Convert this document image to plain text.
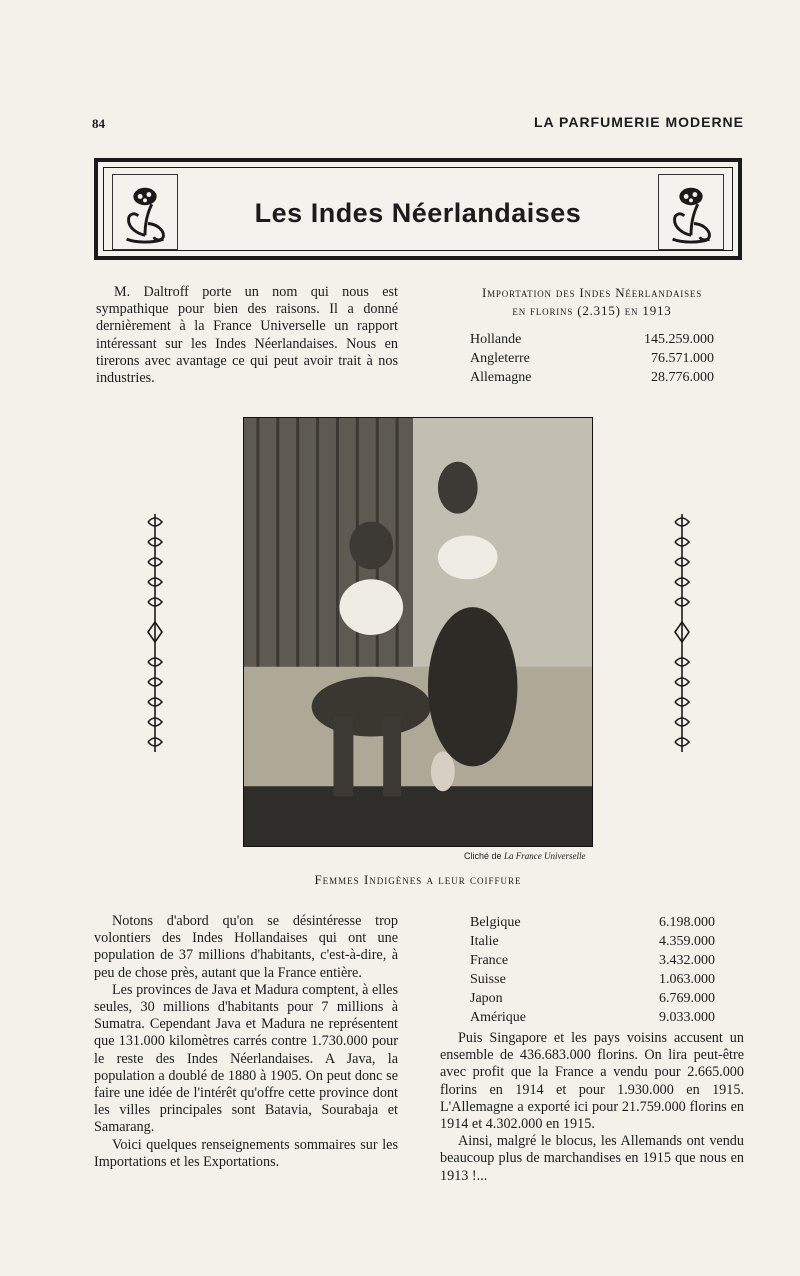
84	LA PARFUMERIE MODERNE
Les Indes Néerlandaises

M. Daltroff porte un nom qui nous est sympathique pour bien des raisons. Il a donné dernièrement à la France Universelle un rapport intéressant sur les Indes Néerlandaises. Nous en tirerons avec avantage ce qui peut avoir trait à nos industries.

Importation des Indes Néerlandaises
en florins (2.315) en 1913
Hollande	145.259.000
Angleterre	76.571.000
Allemagne	28.776.000
Cliché de La France Universelle
Femmes Indigènes a leur coiffure

Notons d'abord qu'on se désintéresse trop volontiers des Indes Hollandaises qui ont une population de 37 millions d'habitants, c'est-à-dire, à peu de chose près, autant que la France entière.

Les provinces de Java et Madura comptent, à elles seules, 30 millions d'habitants pour 7 millions à Sumatra. Cependant Java et Madura ne représentent que 131.000 kilomètres carrés contre 1.730.000 pour le reste des Indes Néerlandaises. A Java, la population a doublé de 1880 à 1905. On peut donc se faire une idée de l'intérêt qu'offre cette province dont les villes principales sont Batavia, Sourabaja et Samarang.

Voici quelques renseignements sommaires sur les Importations et les Exportations.

Belgique	6.198.000
Italie	4.359.000
France	3.432.000
Suisse	1.063.000
Japon	6.769.000
Amérique	9.033.000

Puis Singapore et les pays voisins accusent un ensemble de 436.683.000 florins. On lira peut-être avec profit que la France a vendu pour 2.665.000 florins en 1914 et pour 1.930.000 en 1915. L'Allemagne a exporté ici pour 21.759.000 florins en 1914 et 4.302.000 en 1915.

Ainsi, malgré le blocus, les Allemands ont vendu beaucoup plus de marchandises en 1915 que nous en 1913 !...
